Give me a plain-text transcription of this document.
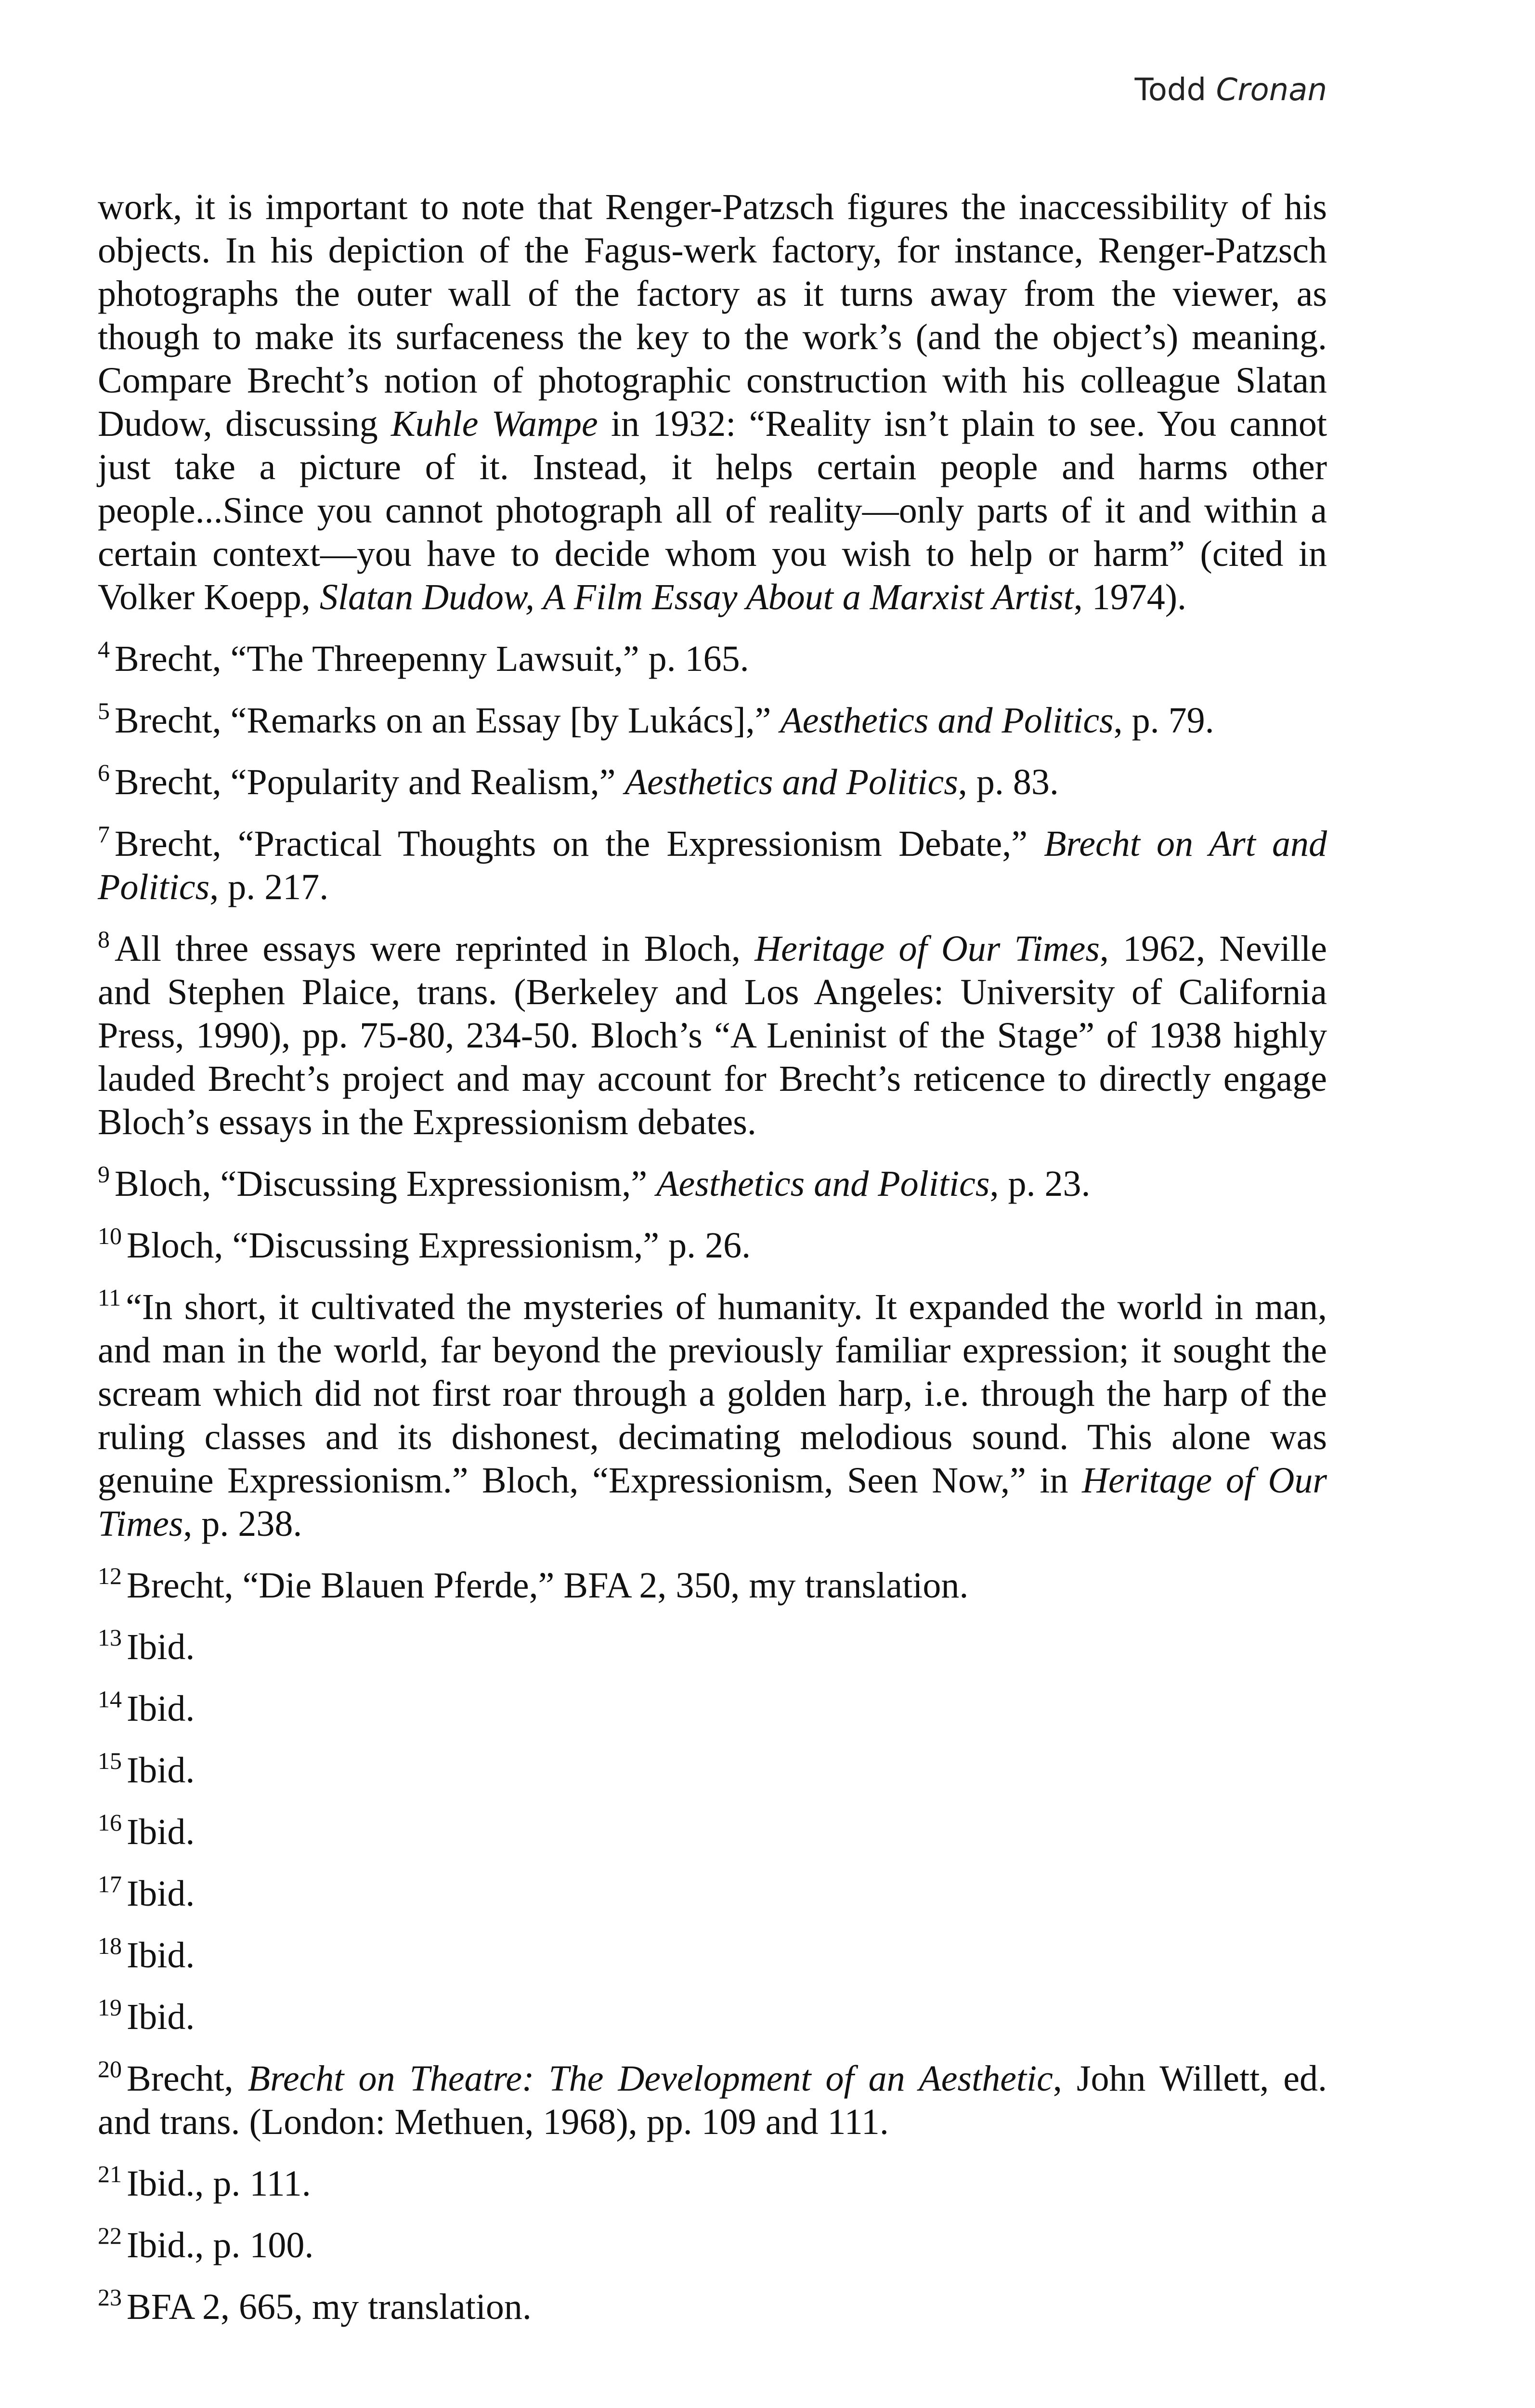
Todd Cronan

work, it is important to note that Renger-Patzsch figures the inaccessibility of his objects. In his depiction of the Fagus-werk factory, for instance, Renger-Patzsch photographs the outer wall of the factory as it turns away from the viewer, as though to make its surfaceness the key to the work’s (and the object’s) meaning. Compare Brecht’s notion of photographic construction with his colleague Slatan Dudow, discussing Kuhle Wampe in 1932: “Reality isn’t plain to see. You cannot just take a picture of it. Instead, it helps certain people and harms other people...Since you cannot photograph all of reality—only parts of it and within a certain context—you have to decide whom you wish to help or harm” (cited in Volker Koepp, Slatan Dudow, A Film Essay About a Marxist Artist, 1974).

$^4$ Brecht, “The Threepenny Lawsuit,” p. 165.

$^5$ Brecht, “Remarks on an Essay [by Lukács],” Aesthetics and Politics, p. 79.

$^6$ Brecht, “Popularity and Realism,” Aesthetics and Politics, p. 83.

$^7$ Brecht, “Practical Thoughts on the Expressionism Debate,” Brecht on Art and Politics, p. 217.

$^8$ All three essays were reprinted in Bloch, Heritage of Our Times, 1962, Neville and Stephen Plaice, trans. (Berkeley and Los Angeles: University of California Press, 1990), pp. 75-80, 234-50. Bloch’s “A Leninist of the Stage” of 1938 highly lauded Brecht’s project and may account for Brecht’s reticence to directly engage Bloch’s essays in the Expressionism debates.

$^9$ Bloch, “Discussing Expressionism,” Aesthetics and Politics, p. 23.

$^{10}$ Bloch, “Discussing Expressionism,” p. 26.

$^{11}$ “In short, it cultivated the mysteries of humanity. It expanded the world in man, and man in the world, far beyond the previously familiar expression; it sought the scream which did not first roar through a golden harp, i.e. through the harp of the ruling classes and its dishonest, decimating melodious sound. This alone was genuine Expressionism.” Bloch, “Expressionism, Seen Now,” in Heritage of Our Times, p. 238.

$^{12}$ Brecht, “Die Blauen Pferde,” BFA 2, 350, my translation.

$^{13}$ Ibid.

$^{14}$ Ibid.

$^{15}$ Ibid.

$^{16}$ Ibid.

$^{17}$ Ibid.

$^{18}$ Ibid.

$^{19}$ Ibid.

$^{20}$ Brecht, Brecht on Theatre: The Development of an Aesthetic, John Willett, ed. and trans. (London: Methuen, 1968), pp. 109 and 111.

$^{21}$ Ibid., p. 111.

$^{22}$ Ibid., p. 100.

$^{23}$ BFA 2, 665, my translation.
